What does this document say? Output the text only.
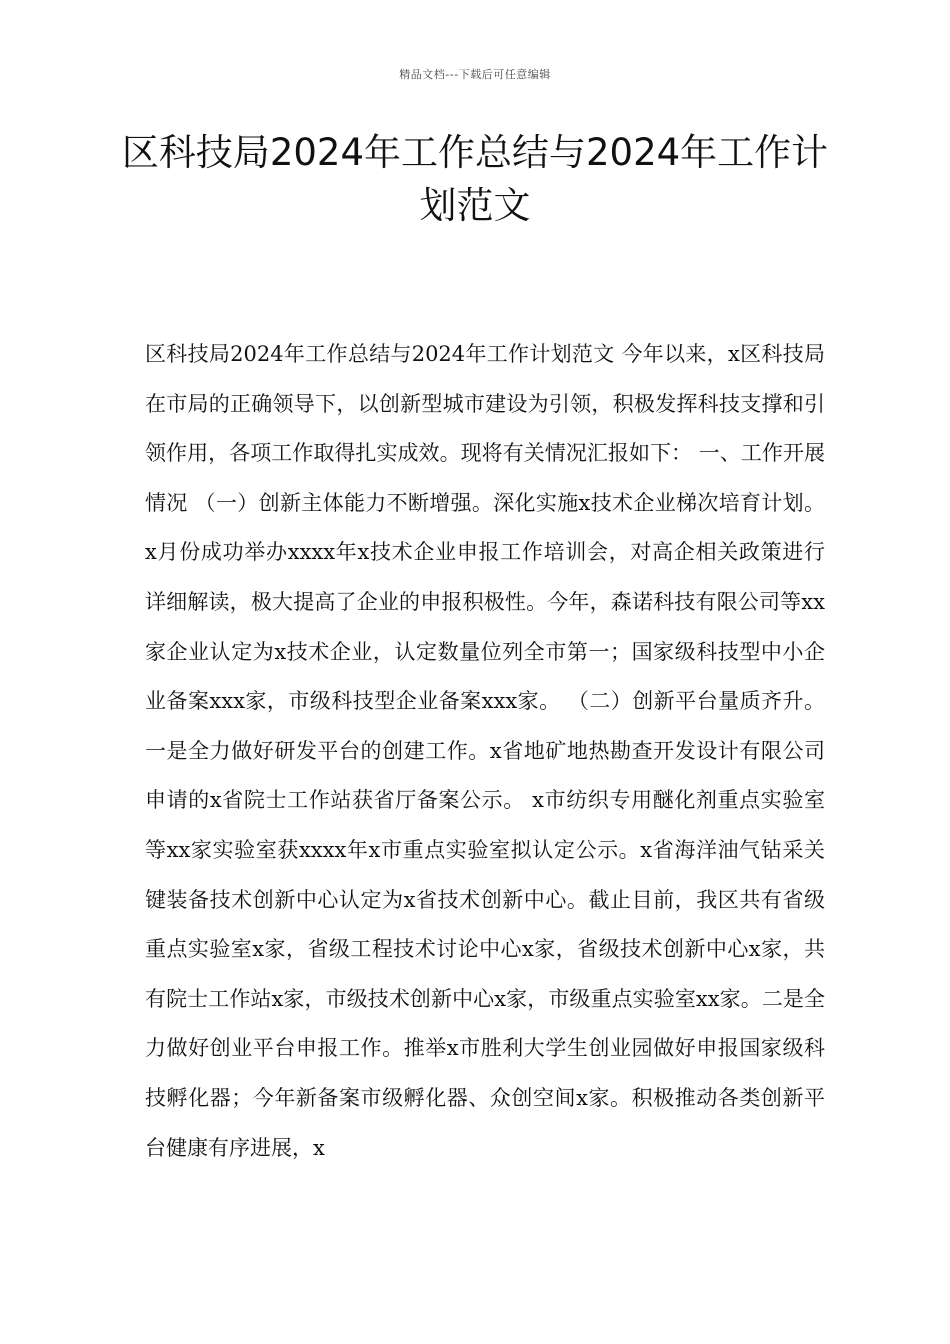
精品文档---下载后可任意编辑
区科技局2024年工作总结与2024年工作计划范文

区科技局2024年工作总结与2024年工作计划范文 今年以来，x区科技局在市局的正确领导下，以创新型城市建设为引领，积极发挥科技支撑和引领作用，各项工作取得扎实成效。现将有关情况汇报如下： 一、工作开展情况 （一）创新主体能力不断增强。深化实施x技术企业梯次培育计划。x月份成功举办xxxx年x技术企业申报工作培训会，对高企相关政策进行详细解读，极大提高了企业的申报积极性。今年，森诺科技有限公司等xx家企业认定为x技术企业，认定数量位列全市第一；国家级科技型中小企业备案xxx家，市级科技型企业备案xxx家。 （二）创新平台量质齐升。一是全力做好研发平台的创建工作。x省地矿地热勘查开发设计有限公司申请的x省院士工作站获省厅备案公示。 x市纺织专用醚化剂重点实验室 等xx家实验室获xxxx年x市重点实验室拟认定公示。x省海洋油气钻采关键装备技术创新中心认定为x省技术创新中心。截止目前，我区共有省级重点实验室x家，省级工程技术讨论中心x家，省级技术创新中心x家，共有院士工作站x家，市级技术创新中心x家，市级重点实验室xx家。二是全力做好创业平台申报工作。推举x市胜利大学生创业园做好申报国家级科技孵化器；今年新备案市级孵化器、众创空间x家。积极推动各类创新平台健康有序进展，x
